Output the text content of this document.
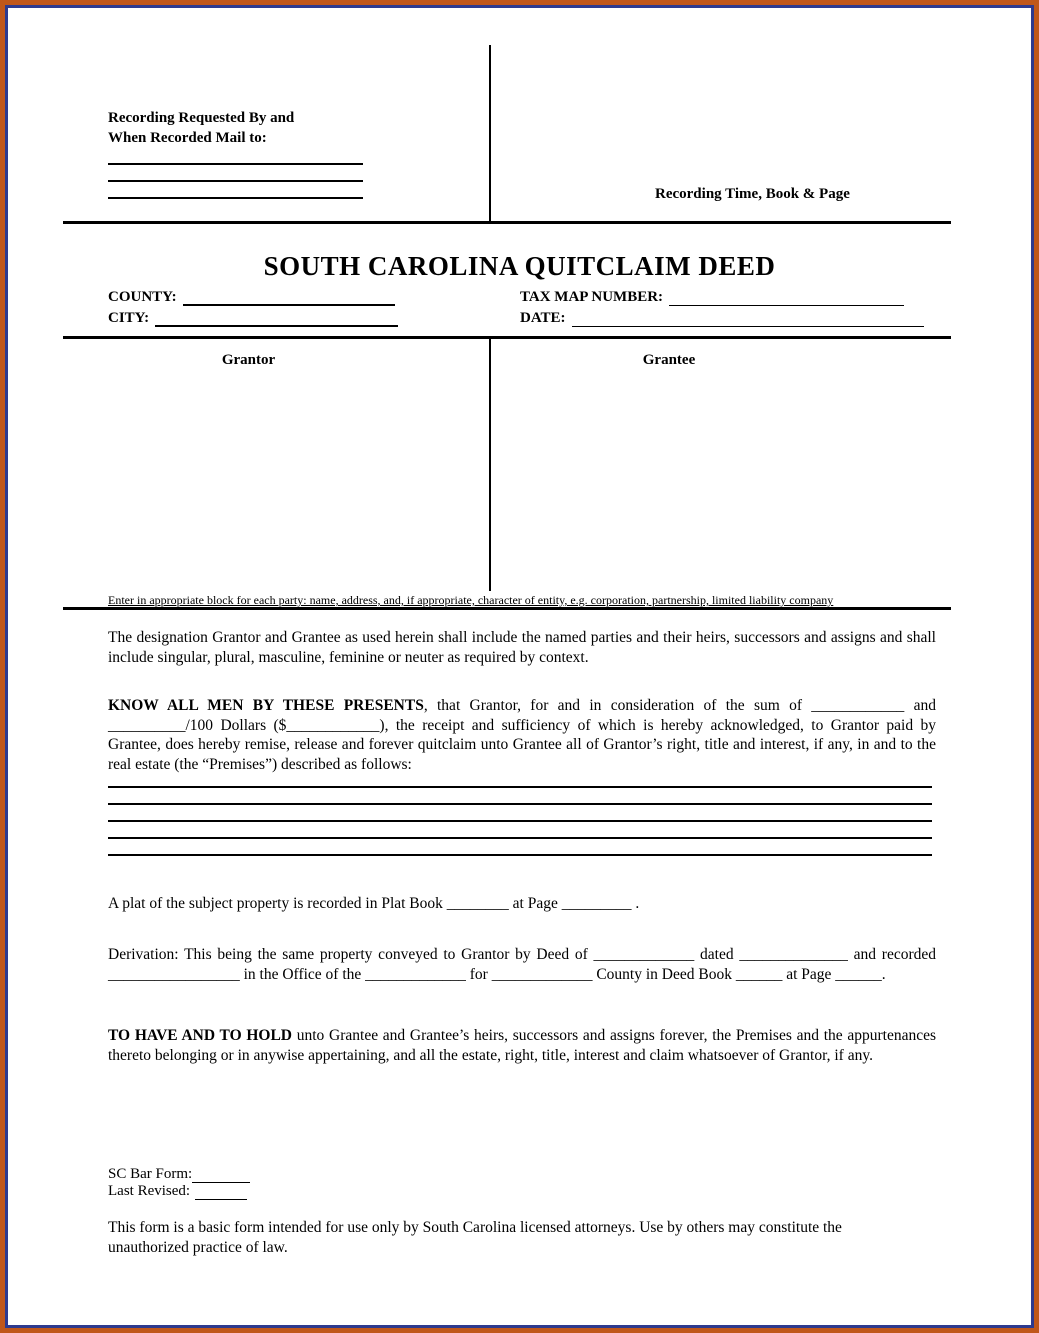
Recording Requested By and
When Recorded Mail to:
Recording Time, Book & Page
SOUTH CAROLINA QUITCLAIM DEED
COUNTY:	TAX MAP NUMBER:
CITY:	DATE:
Grantor	Grantee
Enter in appropriate block for each party: name, address, and, if appropriate, character of entity, e.g. corporation, partnership, limited liability company
The designation Grantor and Grantee as used herein shall include the named parties and their heirs, successors and assigns and shall include singular, plural, masculine, feminine or neuter as required by context.
KNOW ALL MEN BY THESE PRESENTS, that Grantor, for and in consideration of the sum of ____________ and __________/100 Dollars ($____________), the receipt and sufficiency of which is hereby acknowledged, to Grantor paid by Grantee, does hereby remise, release and forever quitclaim unto Grantee all of Grantor’s right, title and interest, if any, in and to the real estate (the “Premises”) described as follows:
A plat of the subject property is recorded in Plat Book ________ at Page _________ .
Derivation: This being the same property conveyed to Grantor by Deed of _____________ dated ______________ and recorded _________________ in the Office of the _____________ for _____________ County in Deed Book ______ at Page ______.
TO HAVE AND TO HOLD unto Grantee and Grantee’s heirs, successors and assigns forever, the Premises and the appurtenances thereto belonging or in anywise appertaining, and all the estate, right, title, interest and claim whatsoever of Grantor, if any.
SC Bar Form:
Last Revised:
This form is a basic form intended for use only by South Carolina licensed attorneys. Use by others may constitute the unauthorized practice of law.
